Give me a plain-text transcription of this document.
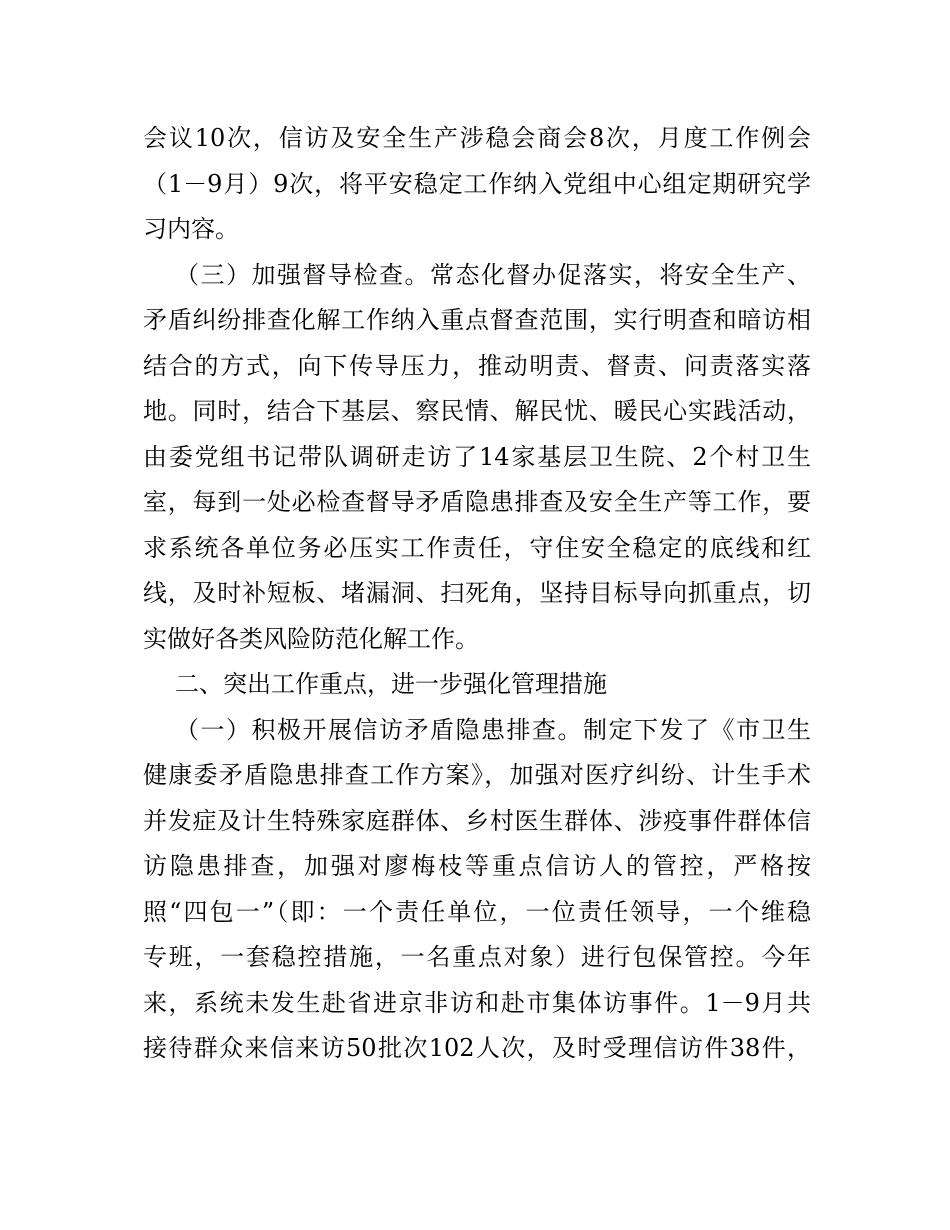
会议10次，信访及安全生产涉稳会商会8次，月度工作例会
（1－9月）9次，将平安稳定工作纳入党组中心组定期研究学
习内容。
（三）加强督导检查。常态化督办促落实，将安全生产、
矛盾纠纷排查化解工作纳入重点督查范围，实行明查和暗访相
结合的方式，向下传导压力，推动明责、督责、问责落实落
地。同时，结合下基层、察民情、解民忧、暖民心实践活动，
由委党组书记带队调研走访了14家基层卫生院、2个村卫生
室，每到一处必检查督导矛盾隐患排查及安全生产等工作，要
求系统各单位务必压实工作责任，守住安全稳定的底线和红
线，及时补短板、堵漏洞、扫死角，坚持目标导向抓重点，切
实做好各类风险防范化解工作。
二、突出工作重点，进一步强化管理措施
（一）积极开展信访矛盾隐患排查。制定下发了《市卫生
健康委矛盾隐患排查工作方案》，加强对医疗纠纷、计生手术
并发症及计生特殊家庭群体、乡村医生群体、涉疫事件群体信
访隐患排查，加强对廖梅枝等重点信访人的管控，严格按
照“四包一”（即：一个责任单位，一位责任领导，一个维稳
专班，一套稳控措施，一名重点对象）进行包保管控。今年
来，系统未发生赴省进京非访和赴市集体访事件。1－9月共
接待群众来信来访50批次102人次，及时受理信访件38件，
